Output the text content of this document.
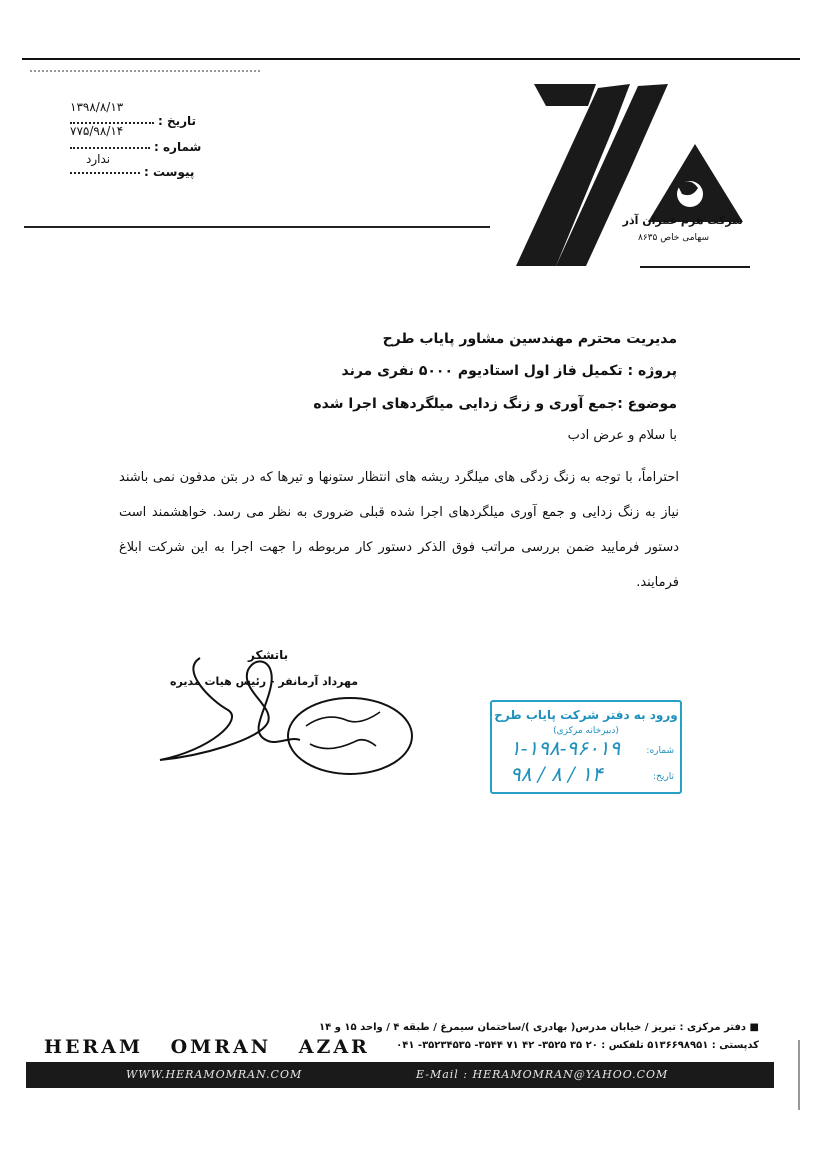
۱۳۹۸/۸/۱۳
تاریخ :
۷۷۵/۹۸/۱۴
شماره :
ندارد
پیوست :
شرکت هرم عمران آذر
سهامی خاص ۸۶۳۵
مدیریت محترم مهندسین مشاور پایاب طرح
پروژه : تکمیل فاز اول استادیوم ۵۰۰۰ نفری مرند
موضوع :جمع آوری و زنگ زدایی میلگردهای اجرا شده
با سلام و عرض ادب
احتراماً، با توجه به زنگ زدگی های میلگرد ریشه های انتظار ستونها و تیرها که در بتن مدفون نمی باشند نیاز به زنگ زدایی و جمع آوری میلگردهای اجرا شده قبلی ضروری به نظر می رسد. خواهشمند است دستور فرمایید ضمن بررسی مراتب فوق الذکر دستور کار مربوطه را جهت اجرا به این شرکت ابلاغ فرمایند.
باتشکر
مهرداد آرمانفر - رئیس هیات مدیره
ورود به دفتر شرکت پایاب طرح
(دبیرخانه مرکزی)
۱-۱۹۸-۹۶۰۱۹	شماره:
۹۸ / ۸ / ۱۴	تاریخ:
HERAM OMRAN AZAR
■ دفتر مرکزی : تبریز / خیابان مدرس( بهادری )/ساختمان سیمرغ / طبقه ۴ / واحد ۱۵ و ۱۴
کدپستی : ۵۱۳۶۶۹۸۹۵۱ تلفکس : ۲۰ ۳۵ ۳۵۲۵- ۴۲ ۷۱ ۳۵۴۴- ۳۵۲۳۴۵۳۵- ۰۴۱
WWW.HERAMOMRAN.COM	E-Mail : HERAMOMRAN@YAHOO.COM
